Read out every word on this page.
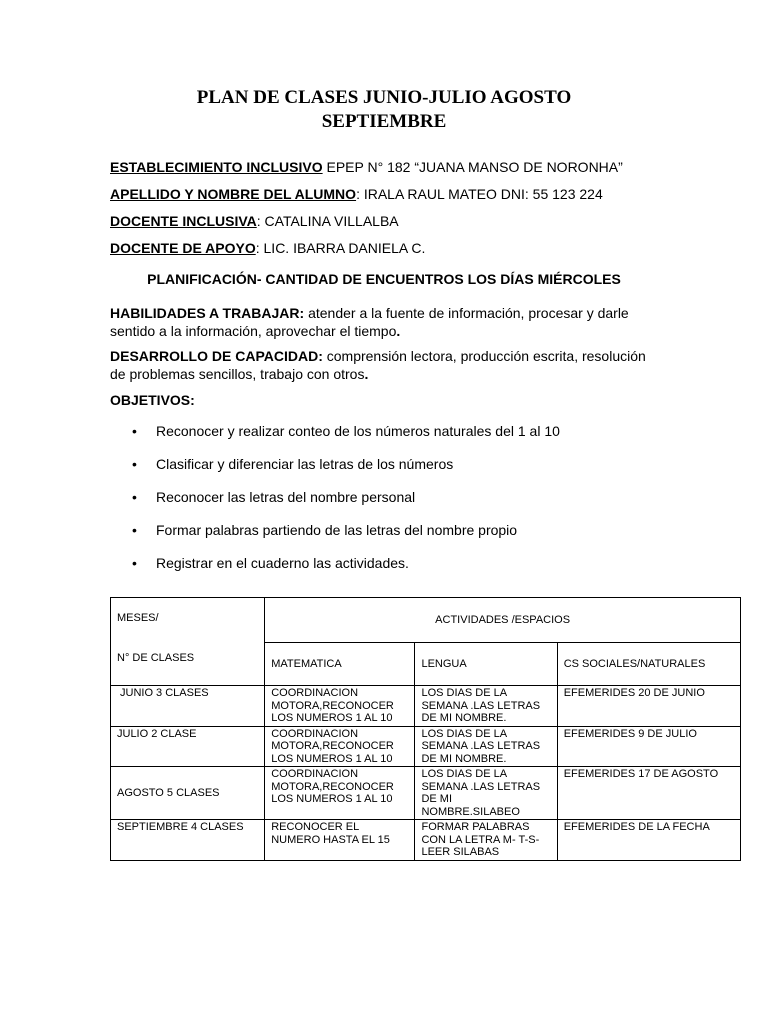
PLAN DE CLASES JUNIO-JULIO AGOSTO
SEPTIEMBRE
ESTABLECIMIENTO INCLUSIVO EPEP N° 182 “JUANA MANSO DE NORONHA”
APELLIDO Y NOMBRE DEL ALUMNO: IRALA RAUL MATEO DNI: 55 123 224
DOCENTE INCLUSIVA: CATALINA VILLALBA
DOCENTE DE APOYO: LIC. IBARRA DANIELA C.
PLANIFICACIÓN- CANTIDAD DE ENCUENTROS LOS DÍAS MIÉRCOLES
HABILIDADES A TRABAJAR: atender a la fuente de información, procesar y darle
sentido a la información, aprovechar el tiempo.
DESARROLLO DE CAPACIDAD: comprensión lectora, producción escrita, resolución
de problemas sencillos, trabajo con otros.
OBJETIVOS:
• Reconocer y realizar conteo de los números naturales del 1 al 10
• Clasificar y diferenciar las letras de los números
• Reconocer las letras del nombre personal
• Formar palabras partiendo de las letras del nombre propio
• Registrar en el cuaderno las actividades.
MESES/
N° DE CLASES	ACTIVIDADES /ESPACIOS		
	MATEMATICA	LENGUA	CS SOCIALES/NATURALES
JUNIO 3 CLASES	COORDINACION MOTORA,RECONOCER LOS NUMEROS 1 AL 10	LOS DIAS DE LA SEMANA .LAS LETRAS DE MI NOMBRE.	EFEMERIDES 20 DE JUNIO
JULIO 2 CLASE	COORDINACION MOTORA,RECONOCER LOS NUMEROS 1 AL 10	LOS DIAS DE LA SEMANA .LAS LETRAS DE MI NOMBRE.	EFEMERIDES 9 DE JULIO
AGOSTO 5 CLASES	COORDINACION MOTORA,RECONOCER LOS NUMEROS 1 AL 10	LOS DIAS DE LA SEMANA .LAS LETRAS DE MI NOMBRE.SILABEO	EFEMERIDES 17 DE AGOSTO
SEPTIEMBRE 4 CLASES	RECONOCER EL NUMERO HASTA EL 15	FORMAR PALABRAS CON LA LETRA M- T-S- LEER SILABAS	EFEMERIDES DE LA FECHA
